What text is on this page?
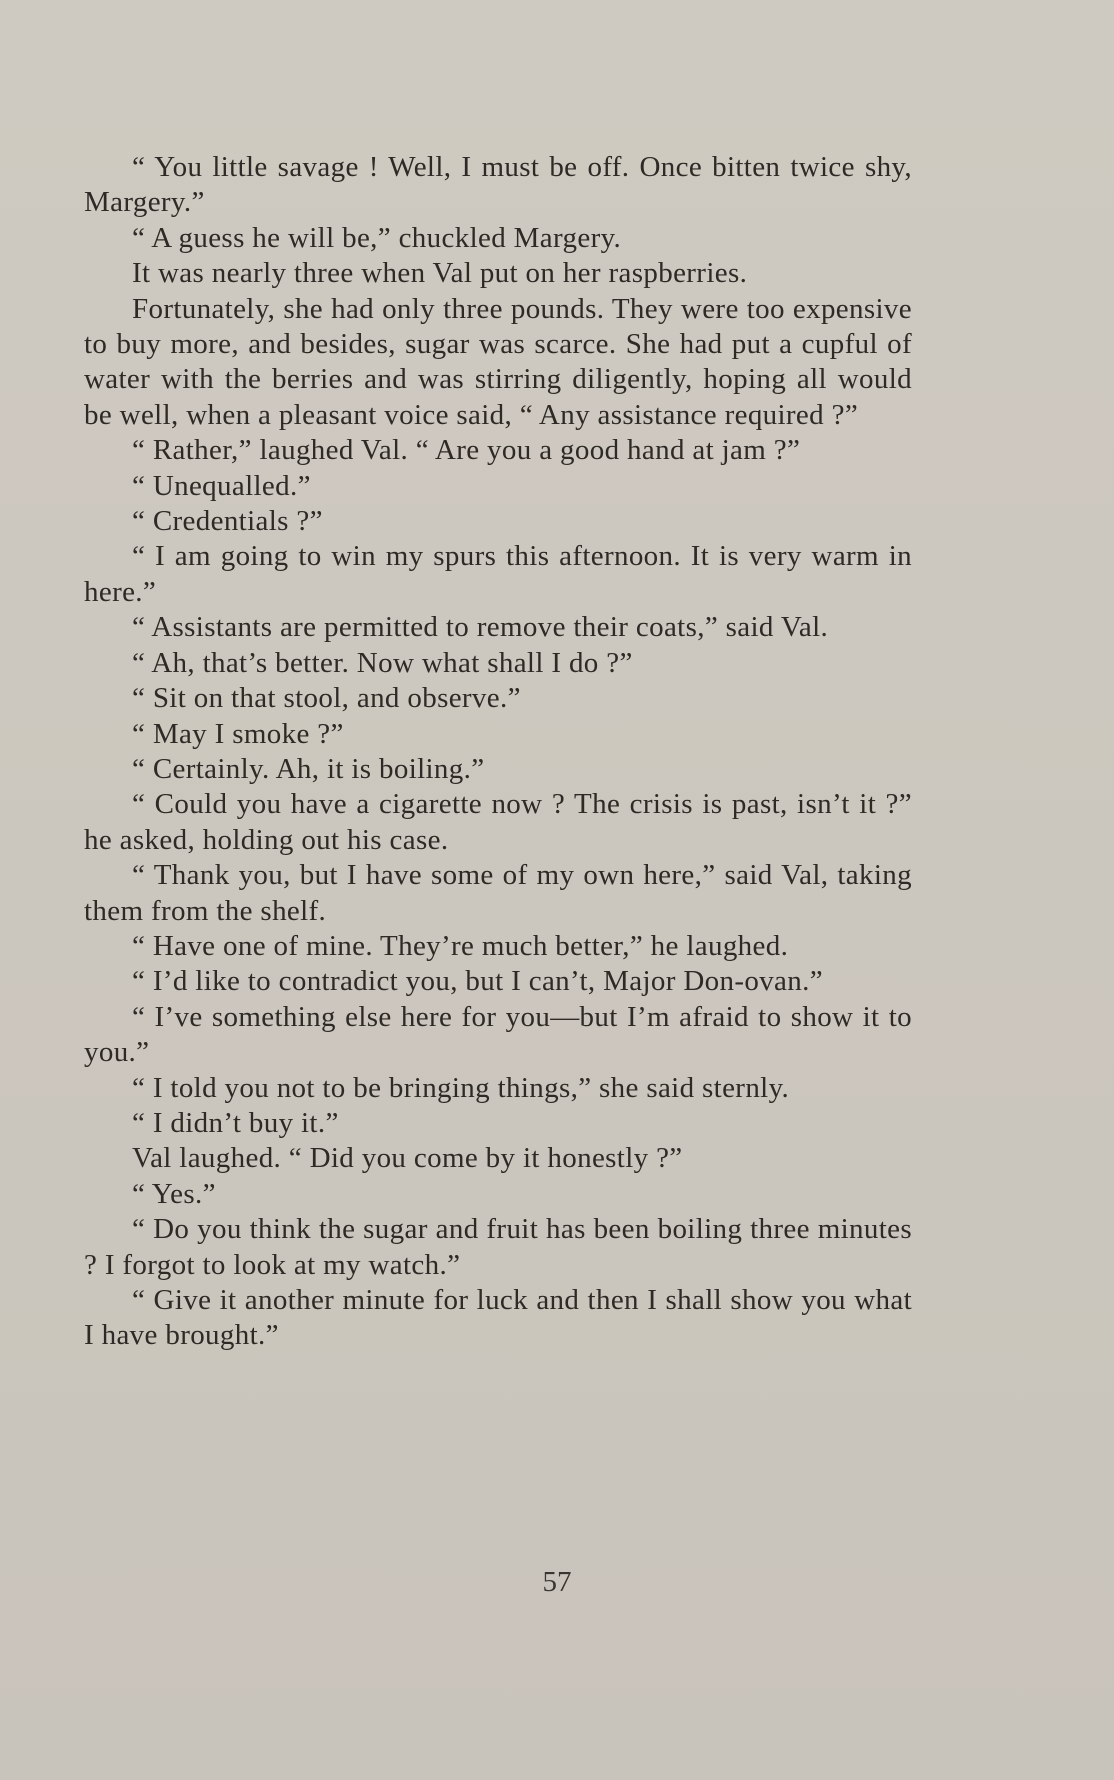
“ You little savage ! Well, I must be off. Once bitten twice shy, Margery.”

“ A guess he will be,” chuckled Margery.

It was nearly three when Val put on her raspberries.

Fortunately, she had only three pounds. They were too expensive to buy more, and besides, sugar was scarce. She had put a cupful of water with the berries and was stirring diligently, hoping all would be well, when a pleasant voice said, “ Any assistance required ?”

“ Rather,” laughed Val. “ Are you a good hand at jam ?”

“ Unequalled.”

“ Credentials ?”

“ I am going to win my spurs this afternoon. It is very warm in here.”

“ Assistants are permitted to remove their coats,” said Val.

“ Ah, that’s better. Now what shall I do ?”

“ Sit on that stool, and observe.”

“ May I smoke ?”

“ Certainly. Ah, it is boiling.”

“ Could you have a cigarette now ? The crisis is past, isn’t it ?” he asked, holding out his case.

“ Thank you, but I have some of my own here,” said Val, taking them from the shelf.

“ Have one of mine. They’re much better,” he laughed.

“ I’d like to contradict you, but I can’t, Major Don-ovan.”

“ I’ve something else here for you—but I’m afraid to show it to you.”

“ I told you not to be bringing things,” she said sternly.

“ I didn’t buy it.”

Val laughed. “ Did you come by it honestly ?”

“ Yes.”

“ Do you think the sugar and fruit has been boiling three minutes ? I forgot to look at my watch.”

“ Give it another minute for luck and then I shall show you what I have brought.”

57
